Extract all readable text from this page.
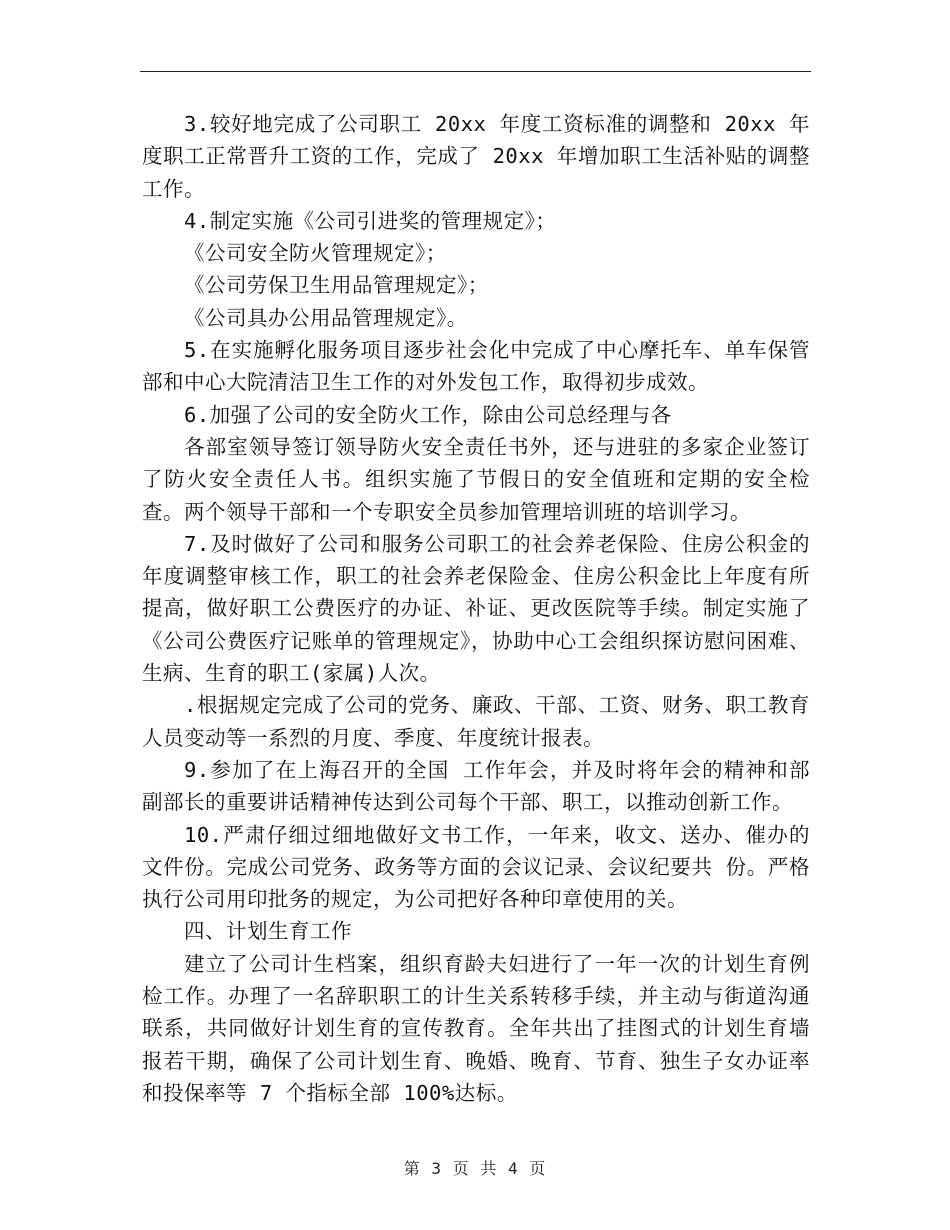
3.较好地完成了公司职工 20xx 年度工资标准的调整和 20xx 年度职工正常晋升工资的工作，完成了 20xx 年增加职工生活补贴的调整工作。

4.制定实施《公司引进奖的管理规定》；

《公司安全防火管理规定》；

《公司劳保卫生用品管理规定》；

《公司具办公用品管理规定》。

5.在实施孵化服务项目逐步社会化中完成了中心摩托车、单车保管部和中心大院清洁卫生工作的对外发包工作，取得初步成效。

6.加强了公司的安全防火工作，除由公司总经理与各

各部室领导签订领导防火安全责任书外，还与进驻的多家企业签订了防火安全责任人书。组织实施了节假日的安全值班和定期的安全检查。两个领导干部和一个专职安全员参加管理培训班的培训学习。

7.及时做好了公司和服务公司职工的社会养老保险、住房公积金的年度调整审核工作，职工的社会养老保险金、住房公积金比上年度有所提高，做好职工公费医疗的办证、补证、更改医院等手续。制定实施了《公司公费医疗记账单的管理规定》，协助中心工会组织探访慰问困难、生病、生育的职工(家属)人次。

.根据规定完成了公司的党务、廉政、干部、工资、财务、职工教育人员变动等一系烈的月度、季度、年度统计报表。

9.参加了在上海召开的全国 工作年会，并及时将年会的精神和部副部长的重要讲话精神传达到公司每个干部、职工，以推动创新工作。

10.严肃仔细过细地做好文书工作，一年来，收文、送办、催办的文件份。完成公司党务、政务等方面的会议记录、会议纪要共 份。严格执行公司用印批务的规定，为公司把好各种印章使用的关。

四、计划生育工作

建立了公司计生档案，组织育龄夫妇进行了一年一次的计划生育例检工作。办理了一名辞职职工的计生关系转移手续，并主动与街道沟通联系，共同做好计划生育的宣传教育。全年共出了挂图式的计划生育墙报若干期，确保了公司计划生育、晚婚、晚育、节育、独生子女办证率和投保率等 7 个指标全部 100%达标。

第 3 页 共 4 页
